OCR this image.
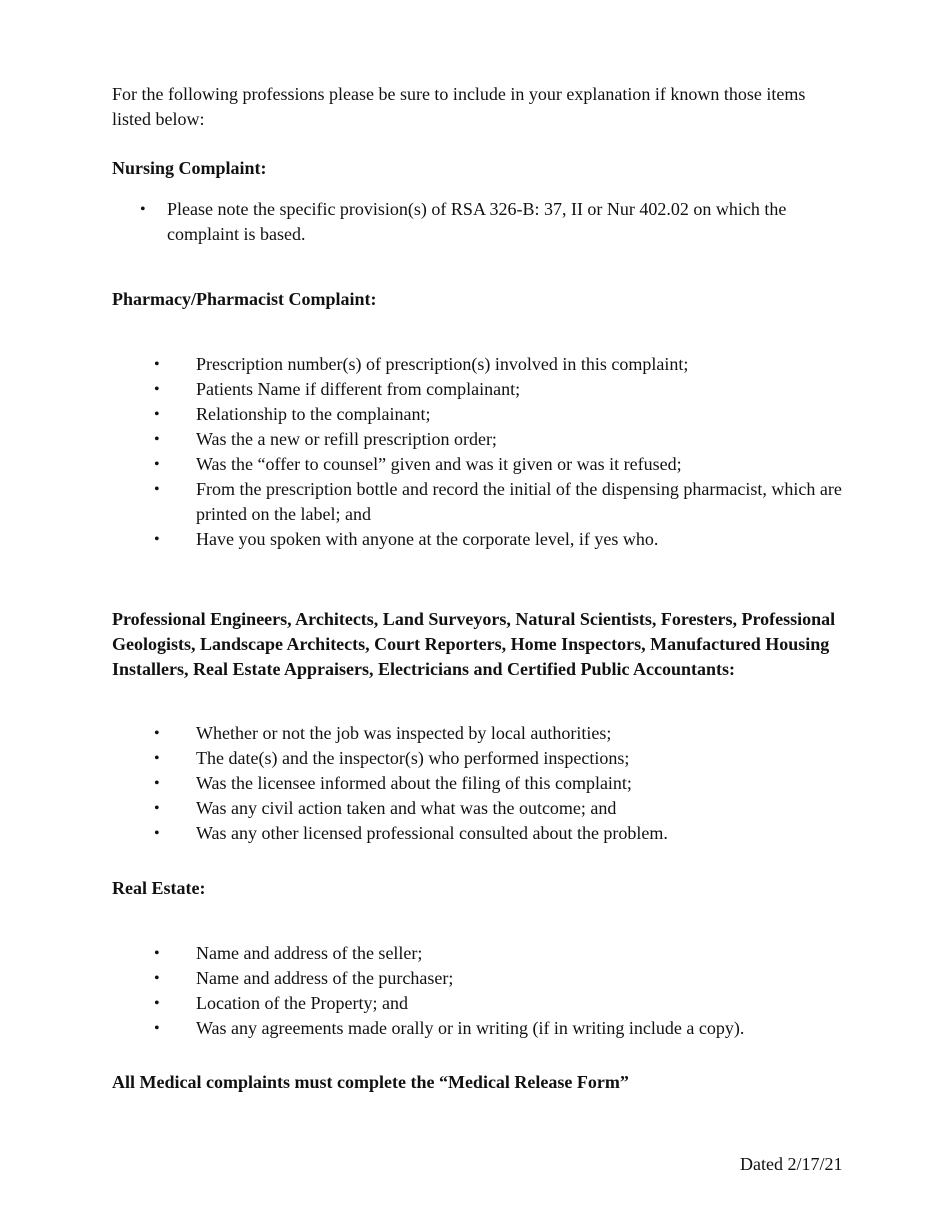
For the following professions please be sure to include in your explanation if known those items listed below:
Nursing Complaint:
• Please note the specific provision(s) of RSA 326-B: 37, II or Nur 402.02 on which the complaint is based.
Pharmacy/Pharmacist Complaint:
• Prescription number(s) of prescription(s) involved in this complaint;
• Patients Name if different from complainant;
• Relationship to the complainant;
• Was the a new or refill prescription order;
• Was the “offer to counsel” given and was it given or was it refused;
• From the prescription bottle and record the initial of the dispensing pharmacist, which are printed on the label; and
• Have you spoken with anyone at the corporate level, if yes who.
Professional Engineers, Architects, Land Surveyors, Natural Scientists, Foresters, Professional Geologists, Landscape Architects, Court Reporters, Home Inspectors, Manufactured Housing Installers, Real Estate Appraisers, Electricians and Certified Public Accountants:
• Whether or not the job was inspected by local authorities;
• The date(s) and the inspector(s) who performed inspections;
• Was the licensee informed about the filing of this complaint;
• Was any civil action taken and what was the outcome; and
• Was any other licensed professional consulted about the problem.
Real Estate:
• Name and address of the seller;
• Name and address of the purchaser;
• Location of the Property; and
• Was any agreements made orally or in writing (if in writing include a copy).
All Medical complaints must complete the “Medical Release Form”
Dated 2/17/21
